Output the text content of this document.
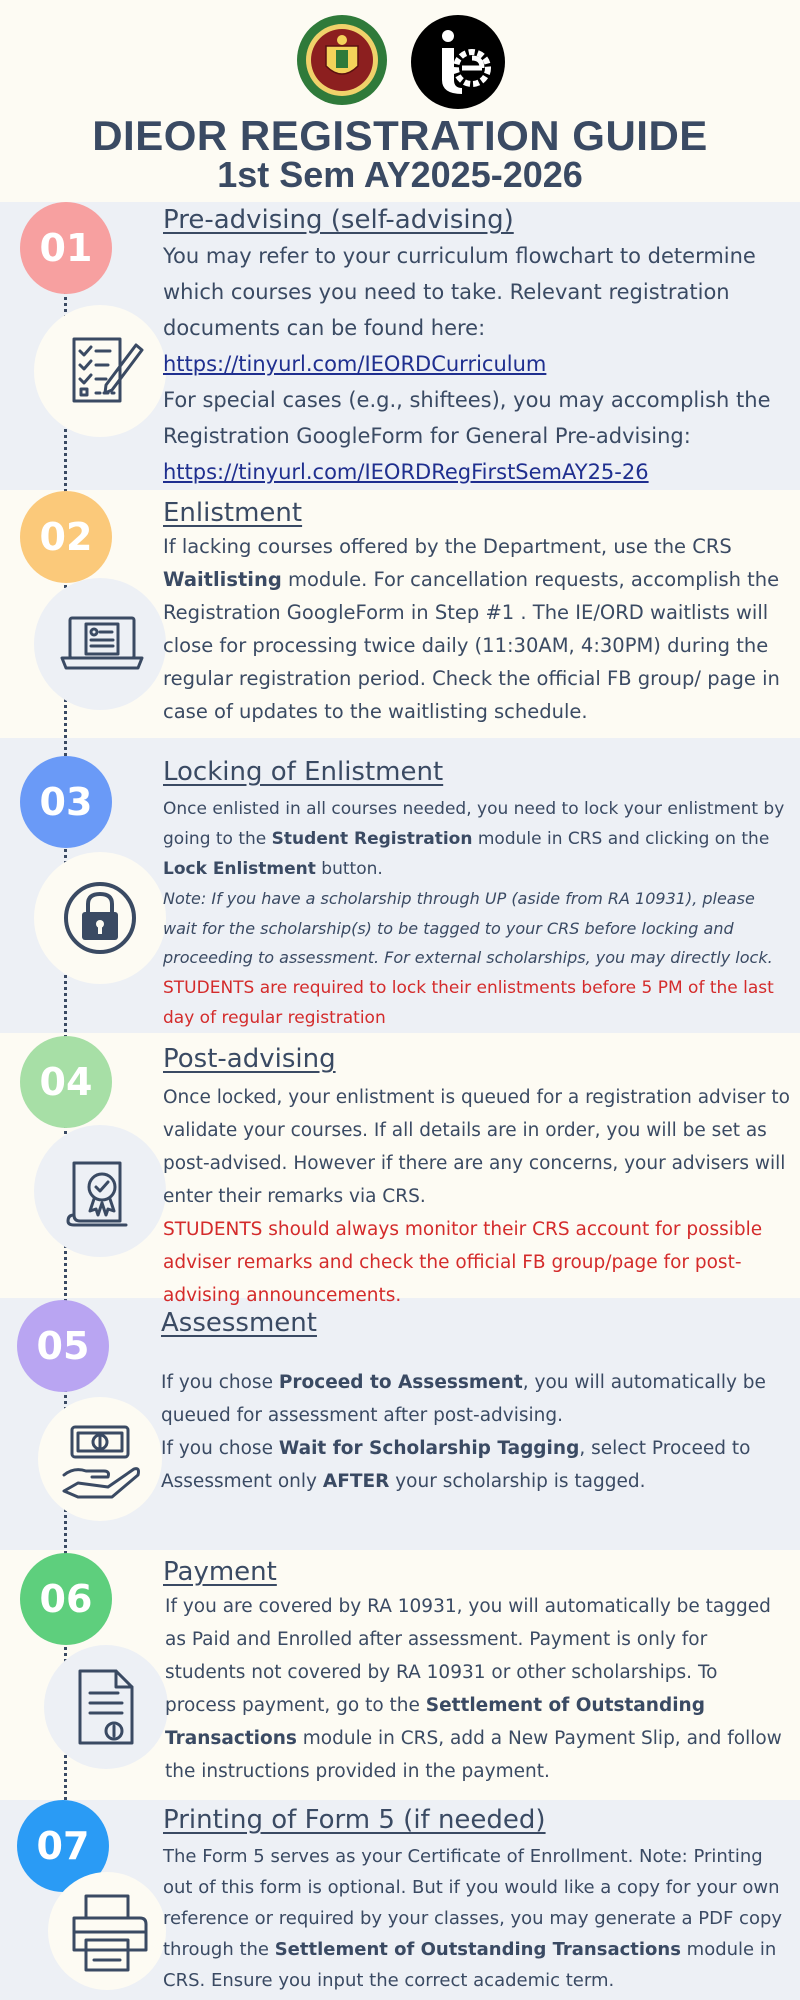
DIEOR REGISTRATION GUIDE
1st Sem AY2025-2026
01
Pre-advising (self-advising)

You may refer to your curriculum flowchart to determine which courses you need to take. Relevant registration documents can be found here:

https://tinyurl.com/IEORDCurriculum

For special cases (e.g., shiftees), you may accomplish the Registration GoogleForm for General Pre-advising:

https://tinyurl.com/IEORDRegFirstSemAY25-26

02
Enlistment

If lacking courses offered by the Department, use the CRS Waitlisting module. For cancellation requests, accomplish the Registration GoogleForm in Step #1 . The IE/ORD waitlists will close for processing twice daily (11:30AM, 4:30PM) during the regular registration period. Check the official FB group/ page in case of updates to the waitlisting schedule.

03
Locking of Enlistment

Once enlisted in all courses needed, you need to lock your enlistment by going to the Student Registration module in CRS and clicking on the Lock Enlistment button.

Note: If you have a scholarship through UP (aside from RA 10931), please wait for the scholarship(s) to be tagged to your CRS before locking and proceeding to assessment. For external scholarships, you may directly lock.

STUDENTS are required to lock their enlistments before 5 PM of the last day of regular registration

04
Post-advising

Once locked, your enlistment is queued for a registration adviser to validate your courses. If all details are in order, you will be set as post-advised. However if there are any concerns, your advisers will enter their remarks via CRS.

STUDENTS should always monitor their CRS account for possible adviser remarks and check the official FB group/page for post-advising announcements.

05
Assessment

If you chose Proceed to Assessment, you will automatically be queued for assessment after post-advising.

If you chose Wait for Scholarship Tagging, select Proceed to Assessment only AFTER your scholarship is tagged.

06
Payment

If you are covered by RA 10931, you will automatically be tagged as Paid and Enrolled after assessment. Payment is only for students not covered by RA 10931 or other scholarships. To process payment, go to the Settlement of Outstanding Transactions module in CRS, add a New Payment Slip, and follow the instructions provided in the payment.

07
Printing of Form 5 (if needed)

The Form 5 serves as your Certificate of Enrollment. Note: Printing out of this form is optional. But if you would like a copy for your own reference or required by your classes, you may generate a PDF copy through the Settlement of Outstanding Transactions module in CRS. Ensure you input the correct academic term.
